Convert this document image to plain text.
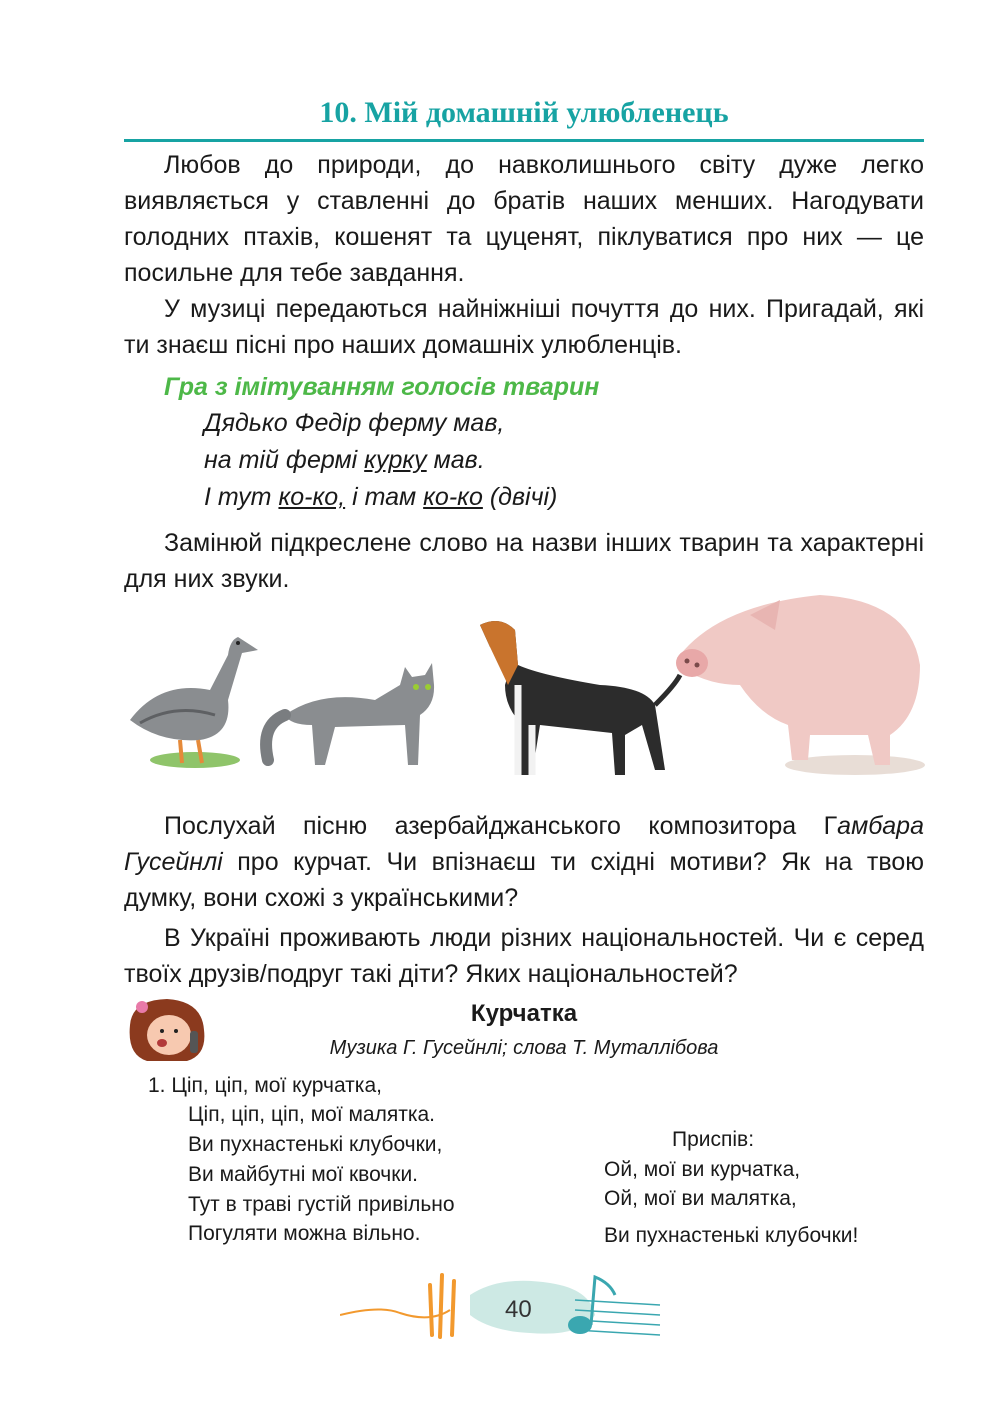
10. Мій домашній улюбленець

Любов до природи, до навколишнього світу дуже легко виявляється у ставленні до братів наших менших. Нагодувати голодних птахів, кошенят та цуценят, піклуватися про них — це посильне для тебе завдання.

У музиці передаються найніжніші почуття до них. Пригадай, які ти знаєш пісні про наших домашніх улюбленців.

Гра з імітуванням голосів тварин
Дядько Федір ферму мав,
на тій фермі курку мав.
І тут ко-ко, і там ко-ко (двічі)

Замінюй підкреслене слово на назви інших тварин та характерні для них звуки.

Послухай пісню азербайджанського композитора Гамбара Гусейнлі про курчат. Чи впізнаєш ти східні мотиви? Як на твою думку, вони схожі з українськими?

В Україні проживають люди різних національностей. Чи є серед твоїх друзів/подруг такі діти? Яких національностей?

Курчатка
Музика Г. Гусейнлі; слова Т. Муталлібова
1. Ціп, ціп, мої курчатка,
Ціп, ціп, ціп, мої малятка.
Ви пухнастенькі клубочки,
Ви майбутні мої квочки.
Тут в траві густій привільно
Погуляти можна вільно.
Приспів:
Ой, мої ви курчатка,
Ой, мої ви малятка,
Ви пухнастенькі клубочки!
40
